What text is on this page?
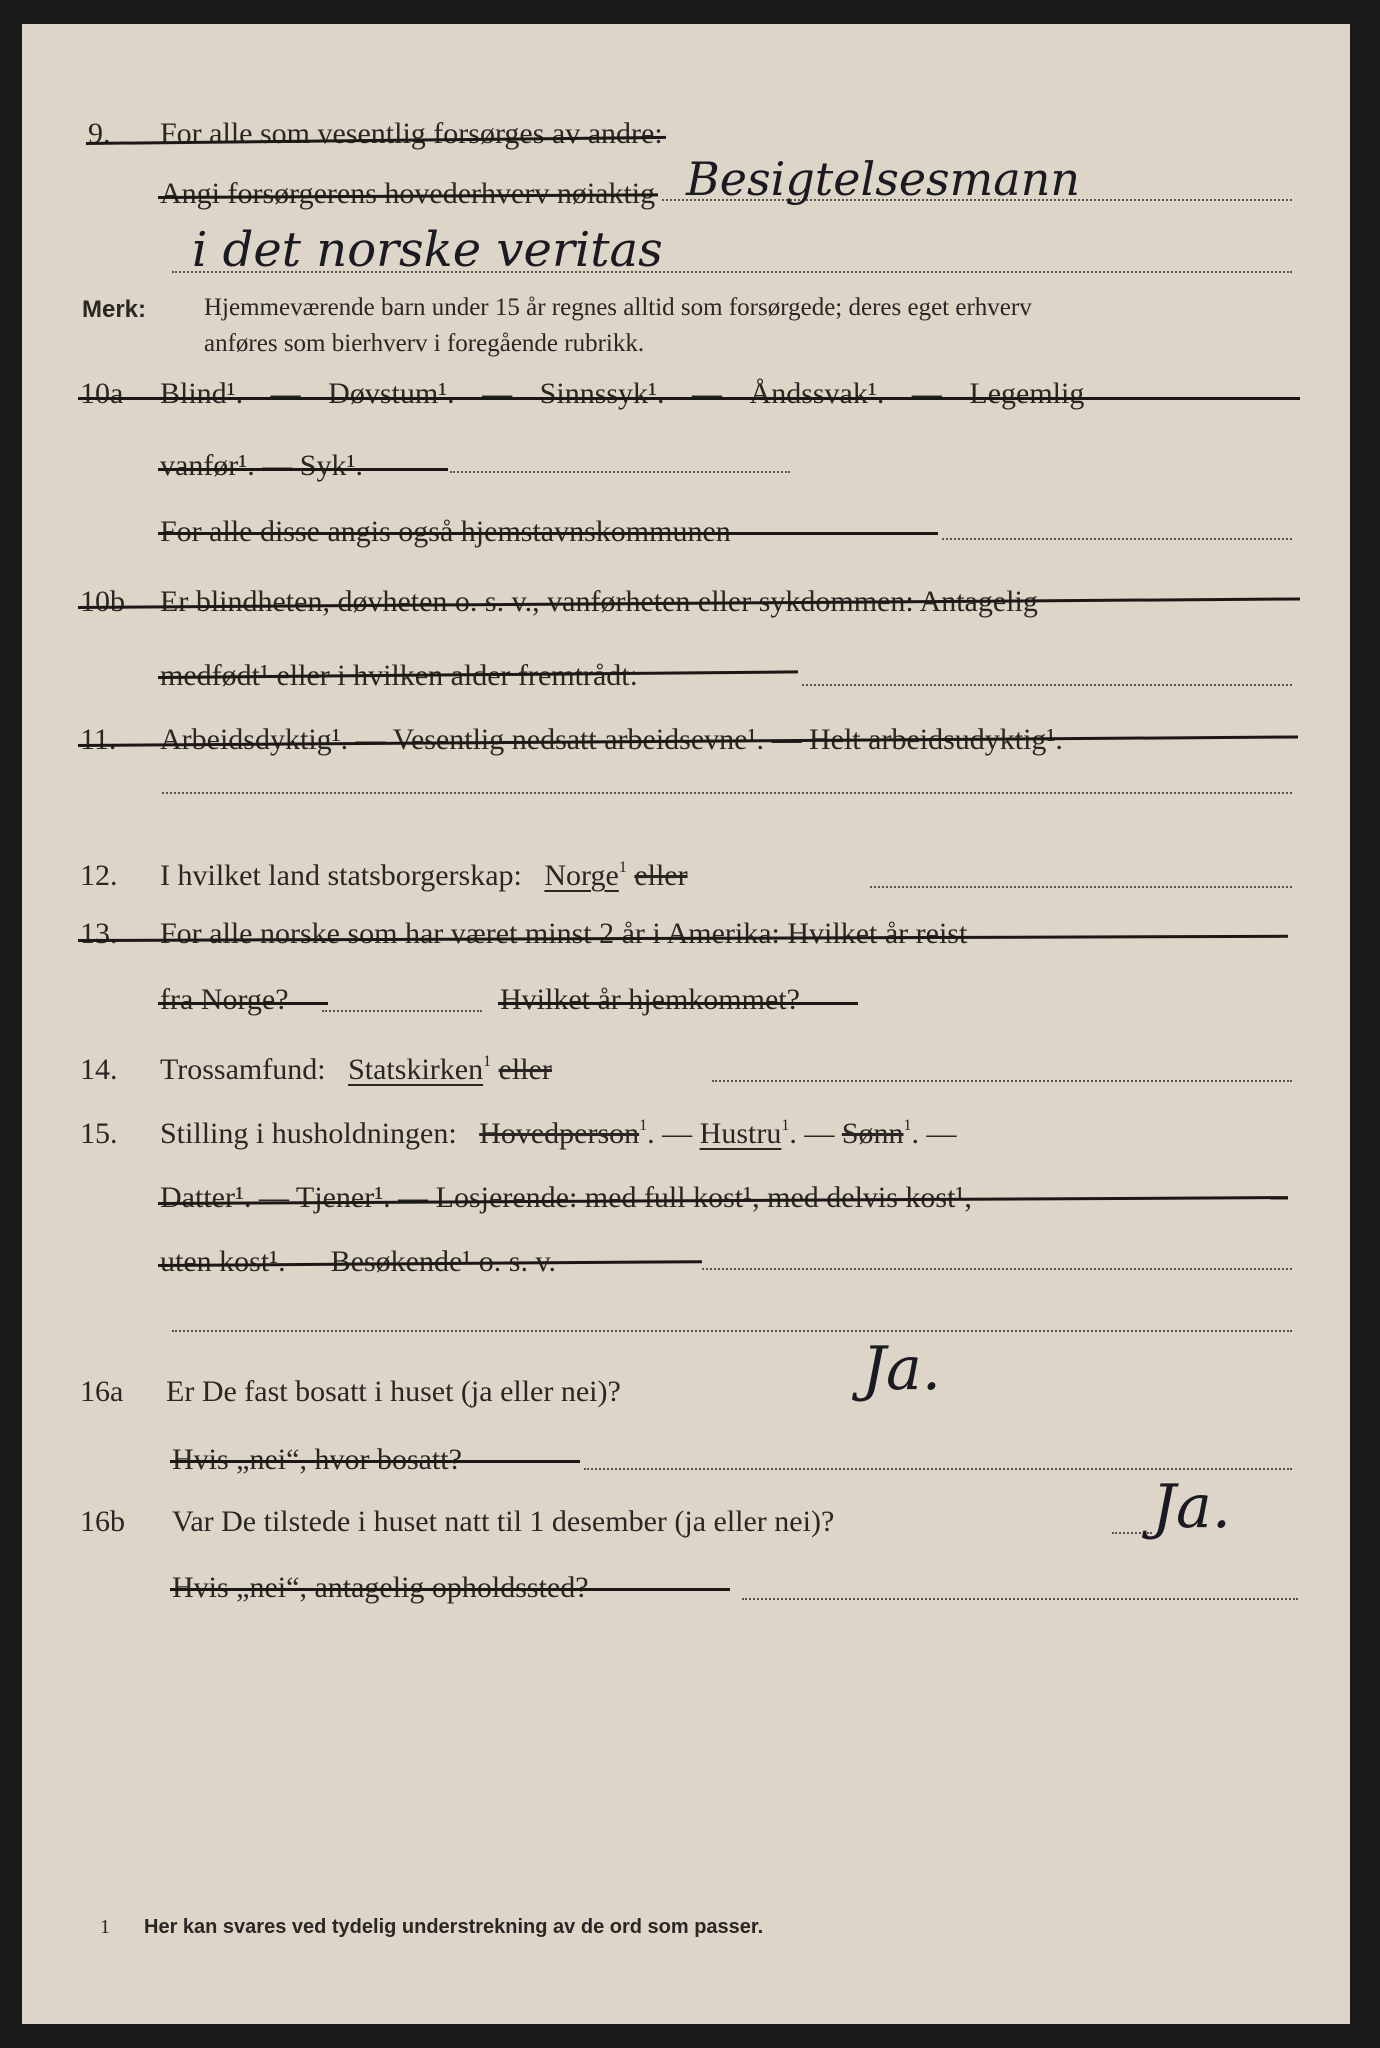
9. For alle som vesentlig forsørges av andre:
Angi forsørgerens hovederhverv nøiaktig Besigtelsesmann
i det norske veritas
Merk: Hjemmeværende barn under 15 år regnes alltid som forsørgede; deres eget erhverv
anføres som bierhverv i foregående rubrikk.
10a Blind¹. — Døvstum¹. — Sinnssyk¹. — Åndssvak¹. — Legemlig
vanfør¹. — Syk¹.
For alle disse angis også hjemstavnskommunen
10b Er blindheten, døvheten o. s. v., vanførheten eller sykdommen: Antagelig
medfødt¹ eller i hvilken alder fremtrådt:
11. Arbeidsdyktig¹. — Vesentlig nedsatt arbeidsevne¹. — Helt arbeidsudyktig¹.
12. I hvilket land statsborgerskap: Norge$^1$ eller
13. For alle norske som har været minst 2 år i Amerika: Hvilket år reist
fra Norge?	Hvilket år hjemkommet?
14. Trossamfund: Statskirken$^1$ eller
15. Stilling i husholdningen: Hovedperson$^1$. — Hustru$^1$. — Sønn$^1$. —
Datter¹. — Tjener¹. — Losjerende: med full kost¹, med delvis kost¹,
uten kost¹. — Besøkende¹ o. s. v.
16a Er De fast bosatt i huset (ja eller nei)?	Ja.
Hvis „nei“, hvor bosatt?
16b Var De tilstede i huset natt til 1 desember (ja eller nei)?	Ja.
Hvis „nei“, antagelig opholdssted?
1 Her kan svares ved tydelig understrekning av de ord som passer.
